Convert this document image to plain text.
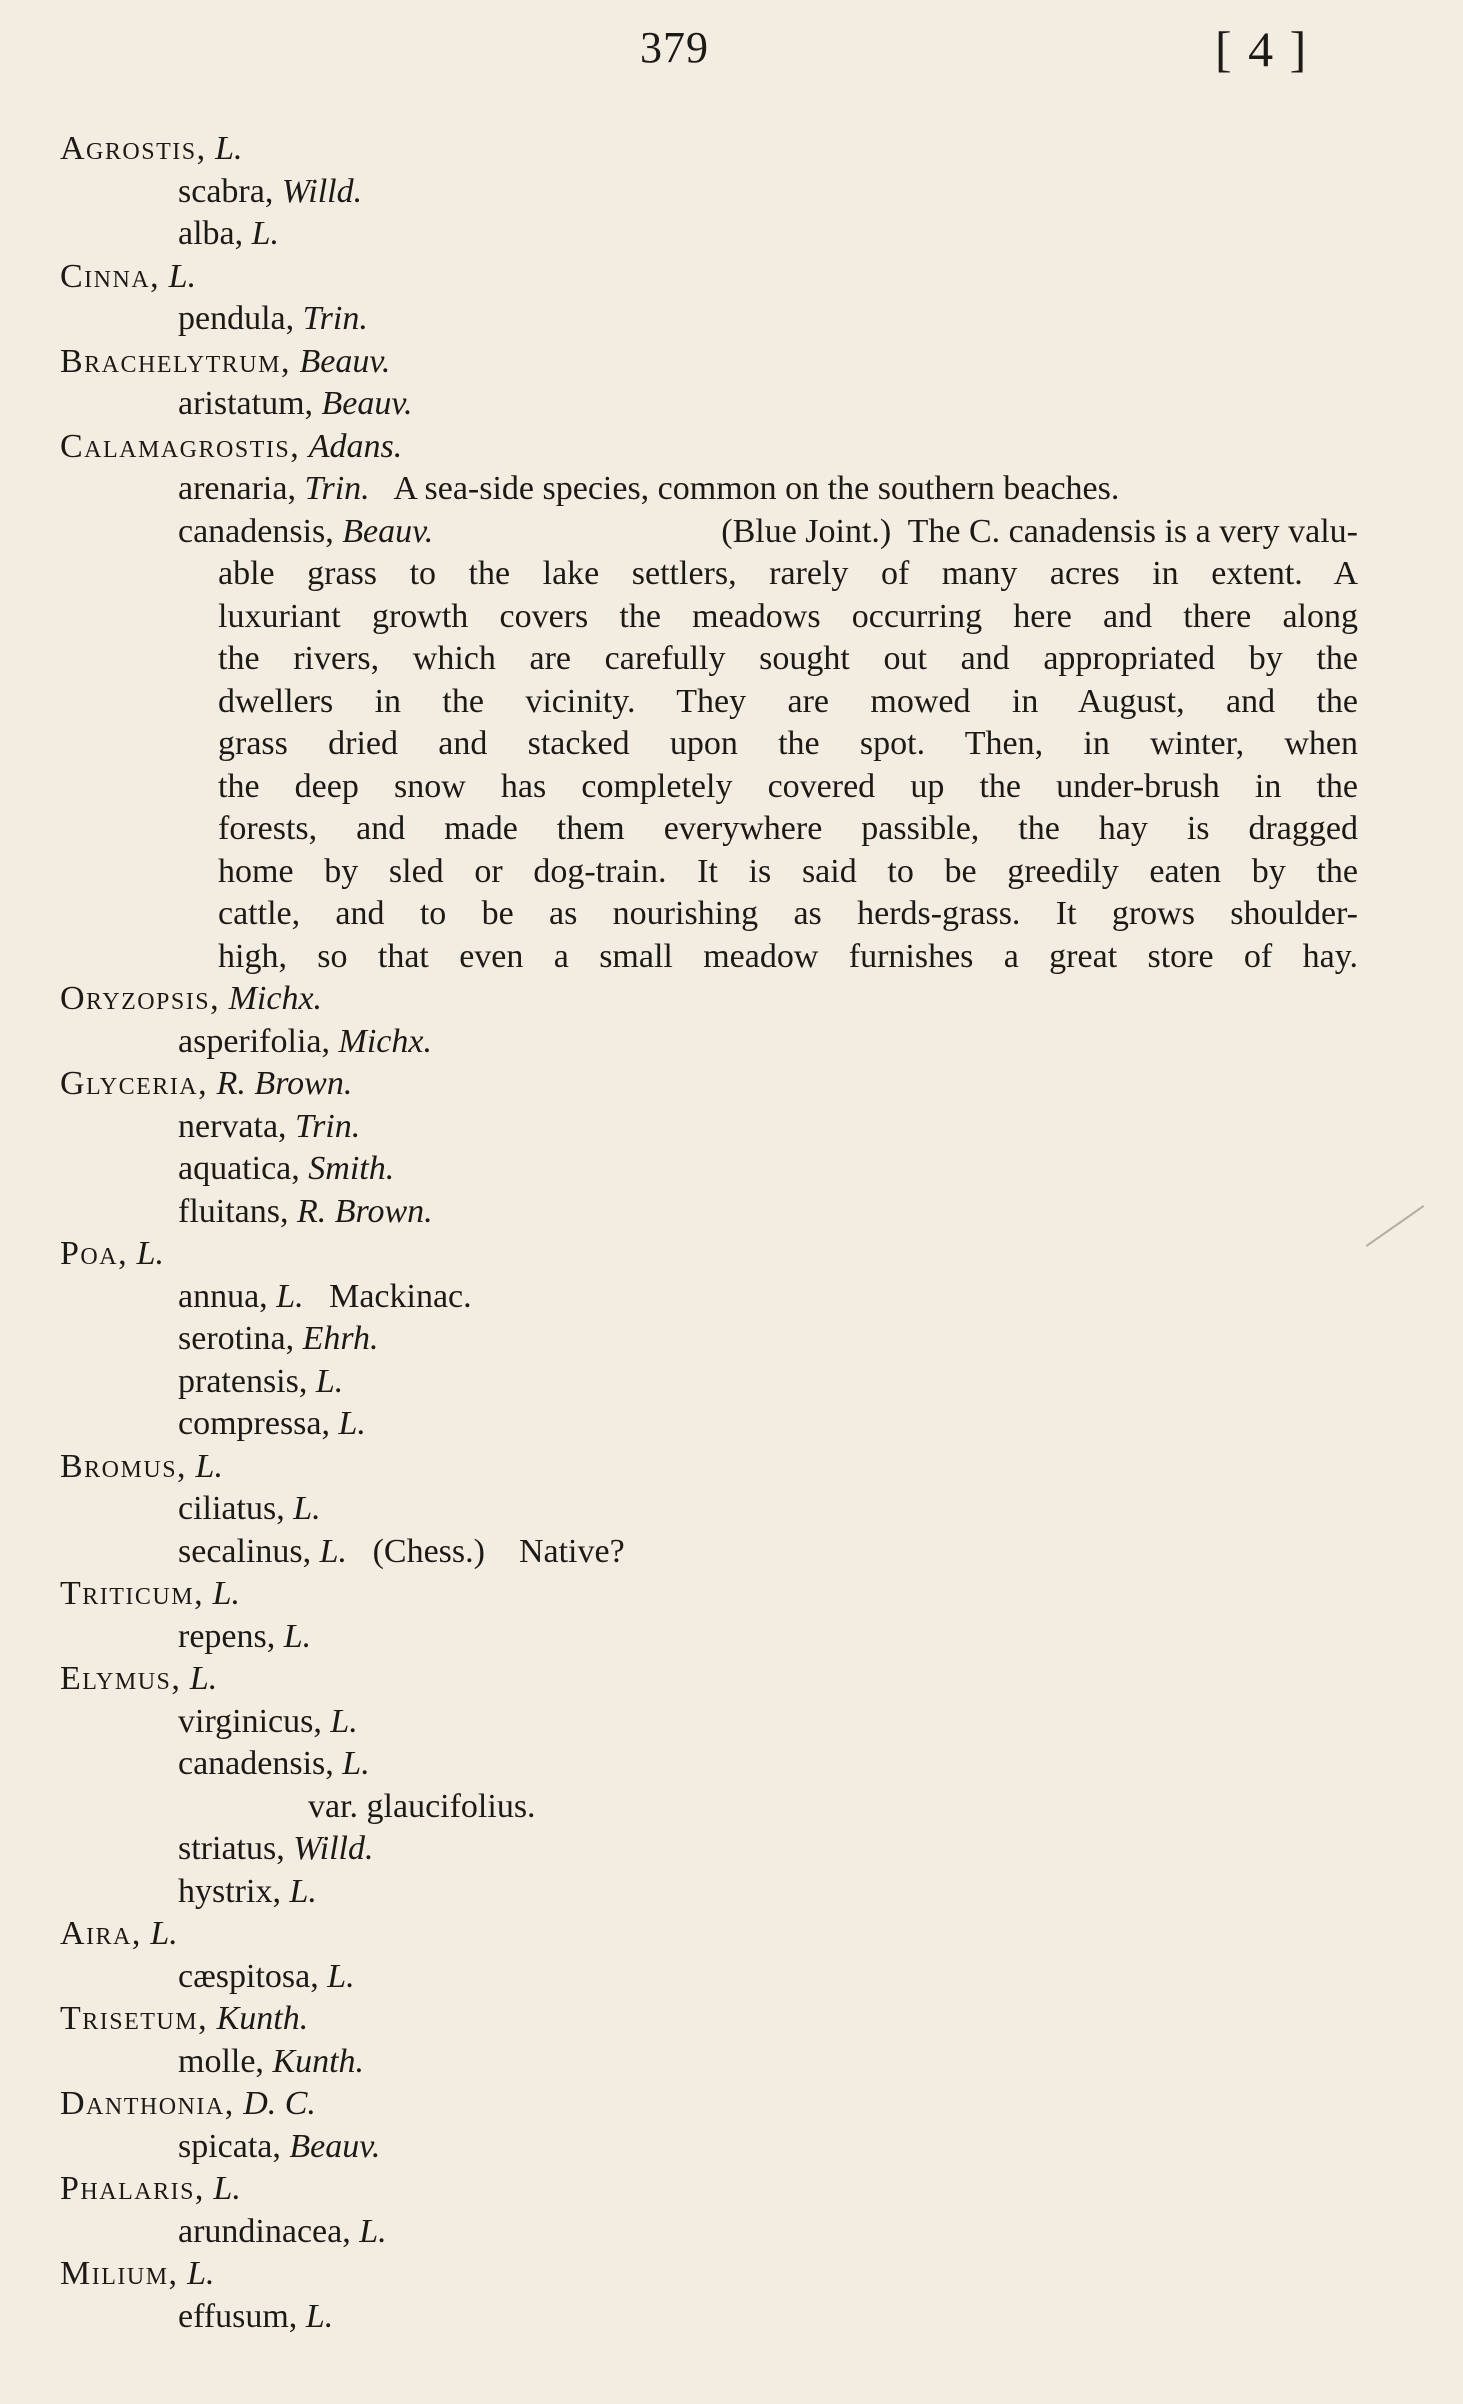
379	[ 4 ]
Agrostis, L.
scabra, Willd.
alba, L.
Cinna, L.
pendula, Trin.
Brachelytrum, Beauv.
aristatum, Beauv.
Calamagrostis, Adans.
arenaria, Trin. A sea-side species, common on the southern beaches.
canadensis, Beauv.	(Blue Joint.)  The C. canadensis is a very valu-
able grass to the lake settlers, rarely of many acres in extent. A
luxuriant growth covers the meadows occurring here and there along
the rivers, which are carefully sought out and appropriated by the
dwellers in the vicinity. They are mowed in August, and the
grass dried and stacked upon the spot. Then, in winter, when
the deep snow has completely covered up the under-brush in the
forests, and made them everywhere passible, the hay is dragged
home by sled or dog-train. It is said to be greedily eaten by the
cattle, and to be as nourishing as herds-grass. It grows shoulder-
high, so that even a small meadow furnishes a great store of hay.
Oryzopsis, Michx.
asperifolia, Michx.
Glyceria, R. Brown.
nervata, Trin.
aquatica, Smith.
fluitans, R. Brown.
Poa, L.
annua, L. Mackinac.
serotina, Ehrh.
pratensis, L.
compressa, L.
Bromus, L.
ciliatus, L.
secalinus, L. (Chess.)    Native?
Triticum, L.
repens, L.
Elymus, L.
virginicus, L.
canadensis, L.
var. glaucifolius.
striatus, Willd.
hystrix, L.
Aira, L.
cæspitosa, L.
Trisetum, Kunth.
molle, Kunth.
Danthonia, D. C.
spicata, Beauv.
Phalaris, L.
arundinacea, L.
Milium, L.
effusum, L.
